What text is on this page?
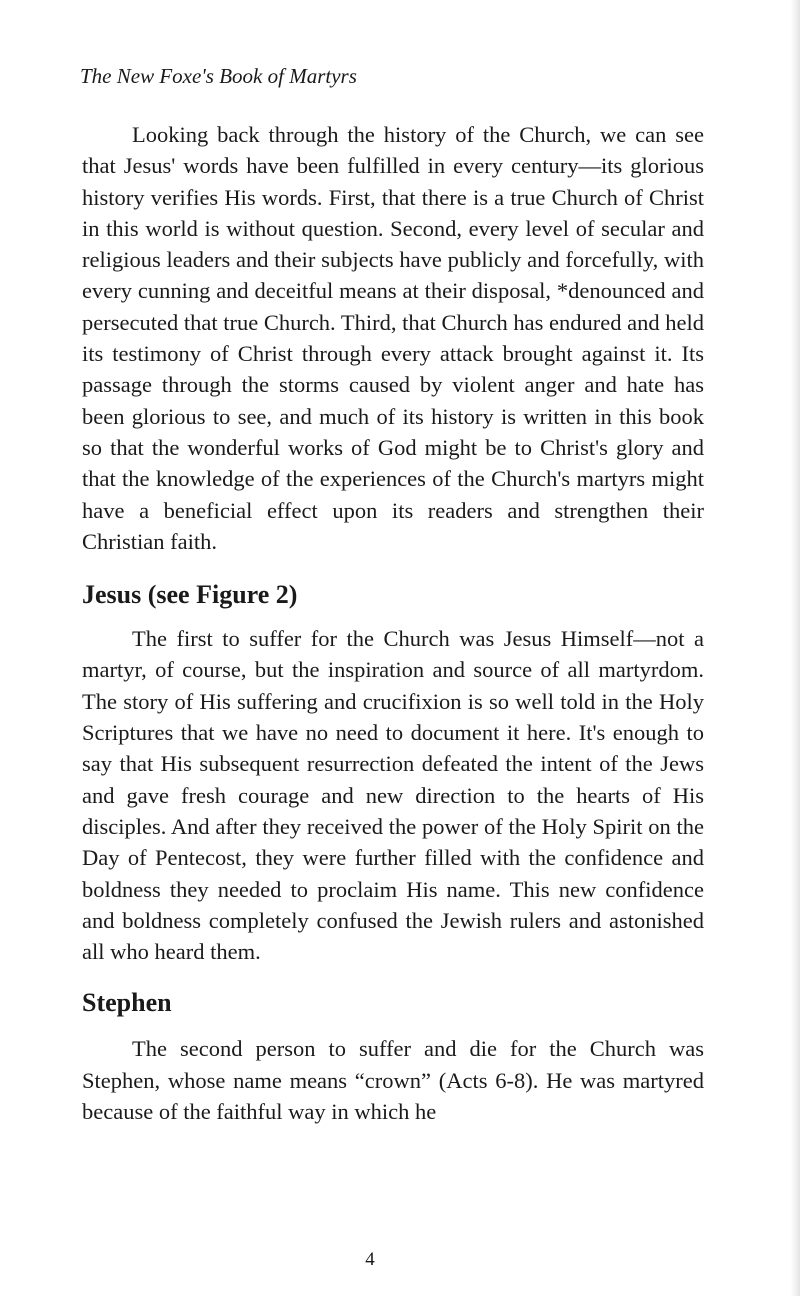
The New Foxe's Book of Martyrs

Looking back through the history of the Church, we can see that Jesus' words have been fulfilled in every century—its glorious history verifies His words. First, that there is a true Church of Christ in this world is without question. Second, every level of secular and religious leaders and their subjects have publicly and forcefully, with every cunning and deceitful means at their disposal, *denounced and persecuted that true Church. Third, that Church has endured and held its testimony of Christ through every attack brought against it. Its passage through the storms caused by violent anger and hate has been glorious to see, and much of its history is written in this book so that the wonderful works of God might be to Christ's glory and that the knowledge of the experiences of the Church's martyrs might have a beneficial effect upon its readers and strengthen their Christian faith.

Jesus (see Figure 2)

The first to suffer for the Church was Jesus Himself—not a martyr, of course, but the inspiration and source of all martyrdom. The story of His suffering and crucifixion is so well told in the Holy Scriptures that we have no need to document it here. It's enough to say that His subsequent resurrection defeated the intent of the Jews and gave fresh courage and new direction to the hearts of His disciples. And after they received the power of the Holy Spirit on the Day of Pentecost, they were further filled with the confidence and boldness they needed to proclaim His name. This new confidence and boldness completely confused the Jewish rulers and astonished all who heard them.

Stephen

The second person to suffer and die for the Church was Stephen, whose name means “crown” (Acts 6-8). He was martyred because of the faithful way in which he

4
